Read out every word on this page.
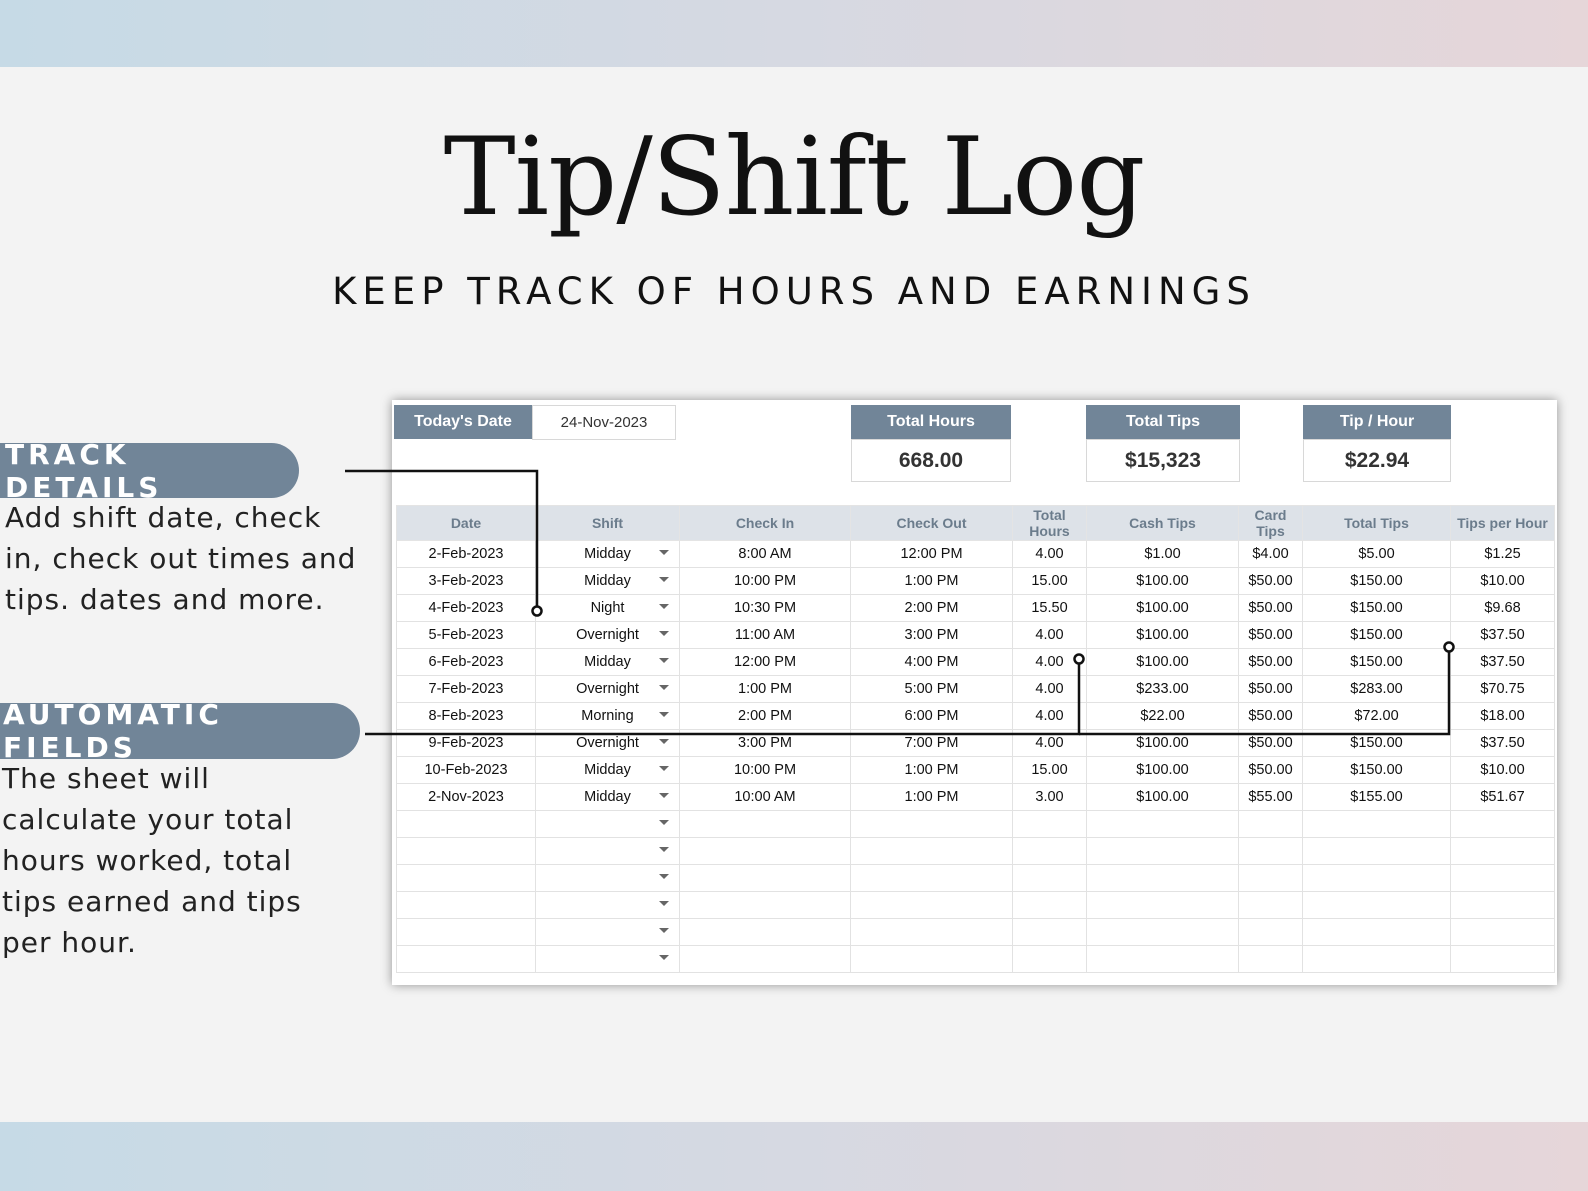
Tip/Shift Log
KEEP TRACK OF HOURS AND EARNINGS
TRACK DETAILS
Add shift date, check in, check out times and tips. dates and more.
AUTOMATIC FIELDS
The sheet will calculate your total hours worked, total tips earned and tips per hour.
Today's Date	24-Nov-2023	Total Hours
668.00
Total Tips
$15,323
Tip / Hour
$22.94
Date	Shift	Check In	Check Out	Total Hours	Cash Tips	Card Tips	Total Tips	Tips per Hour
2-Feb-2023	Midday	8:00 AM	12:00 PM	4.00	$1.00	$4.00	$5.00	$1.25
3-Feb-2023	Midday	10:00 PM	1:00 PM	15.00	$100.00	$50.00	$150.00	$10.00
4-Feb-2023	Night	10:30 PM	2:00 PM	15.50	$100.00	$50.00	$150.00	$9.68
5-Feb-2023	Overnight	11:00 AM	3:00 PM	4.00	$100.00	$50.00	$150.00	$37.50
6-Feb-2023	Midday	12:00 PM	4:00 PM	4.00	$100.00	$50.00	$150.00	$37.50
7-Feb-2023	Overnight	1:00 PM	5:00 PM	4.00	$233.00	$50.00	$283.00	$70.75
8-Feb-2023	Morning	2:00 PM	6:00 PM	4.00	$22.00	$50.00	$72.00	$18.00
9-Feb-2023	Overnight	3:00 PM	7:00 PM	4.00	$100.00	$50.00	$150.00	$37.50
10-Feb-2023	Midday	10:00 PM	1:00 PM	15.00	$100.00	$50.00	$150.00	$10.00
2-Nov-2023	Midday	10:00 AM	1:00 PM	3.00	$100.00	$55.00	$155.00	$51.67
